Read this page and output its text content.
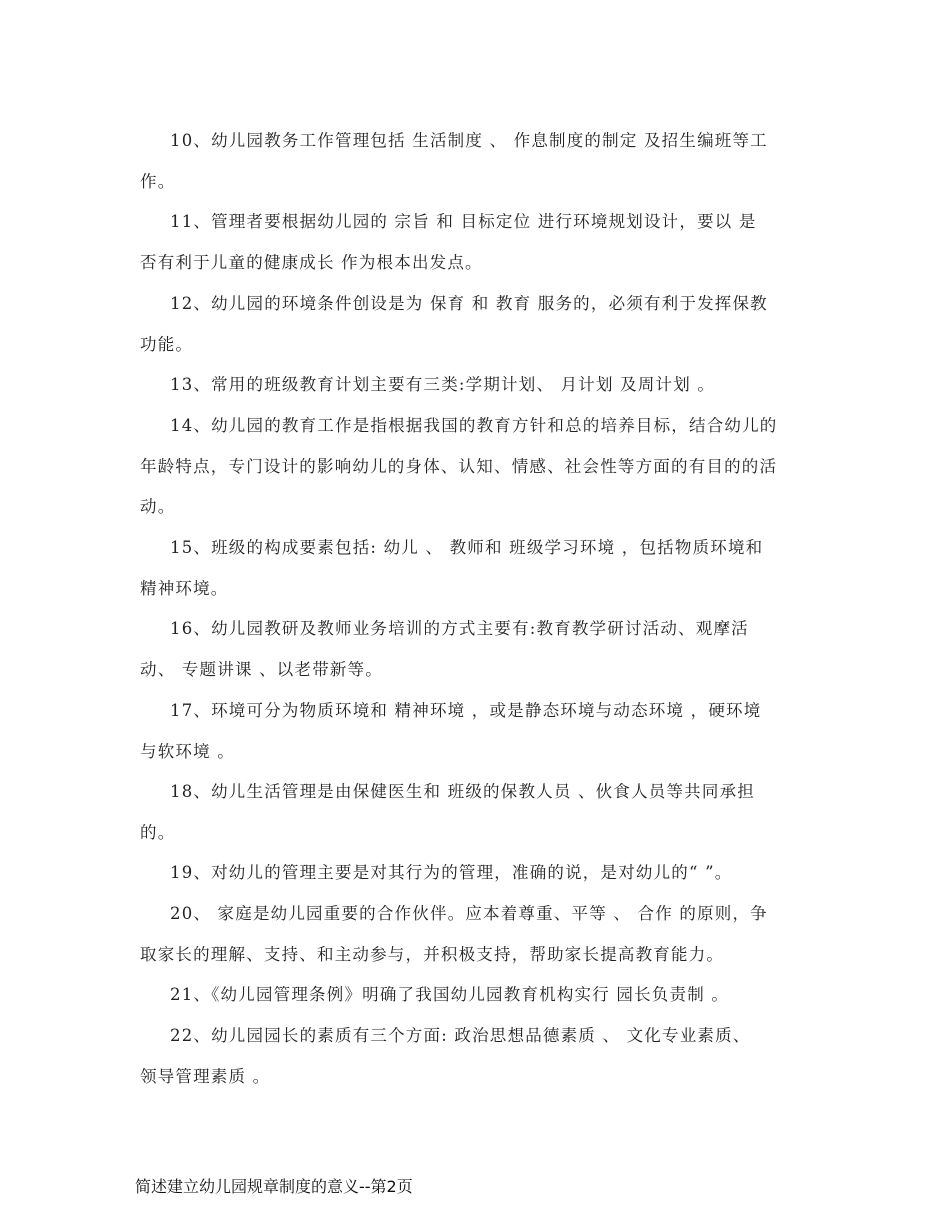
10、幼儿园教务工作管理包括 生活制度 、 作息制度的制定 及招生编班等工
作。
11、管理者要根据幼儿园的 宗旨 和 目标定位 进行环境规划设计，要以 是
否有利于儿童的健康成长 作为根本出发点。
12、幼儿园的环境条件创设是为 保育 和 教育 服务的，必须有利于发挥保教
功能。
13、常用的班级教育计划主要有三类:学期计划、 月计划 及周计划 。
14、幼儿园的教育工作是指根据我国的教育方针和总的培养目标，结合幼儿的
年龄特点，专门设计的影响幼儿的身体、认知、情感、社会性等方面的有目的的活
动。
15、班级的构成要素包括: 幼儿 、 教师和 班级学习环境 ，包括物质环境和
精神环境。
16、幼儿园教研及教师业务培训的方式主要有:教育教学研讨活动、观摩活
动、 专题讲课 、以老带新等。
17、环境可分为物质环境和 精神环境 ，或是静态环境与动态环境 ，硬环境
与软环境 。
18、幼儿生活管理是由保健医生和 班级的保教人员 、伙食人员等共同承担
的。
19、对幼儿的管理主要是对其行为的管理，准确的说，是对幼儿的“ ”。
20、 家庭是幼儿园重要的合作伙伴。应本着尊重、平等 、 合作 的原则，争
取家长的理解、支持、和主动参与，并积极支持，帮助家长提高教育能力。
21、《幼儿园管理条例》明确了我国幼儿园教育机构实行 园长负责制 。
22、幼儿园园长的素质有三个方面: 政治思想品德素质 、 文化专业素质、
领导管理素质 。
简述建立幼儿园规章制度的意义--第2页
